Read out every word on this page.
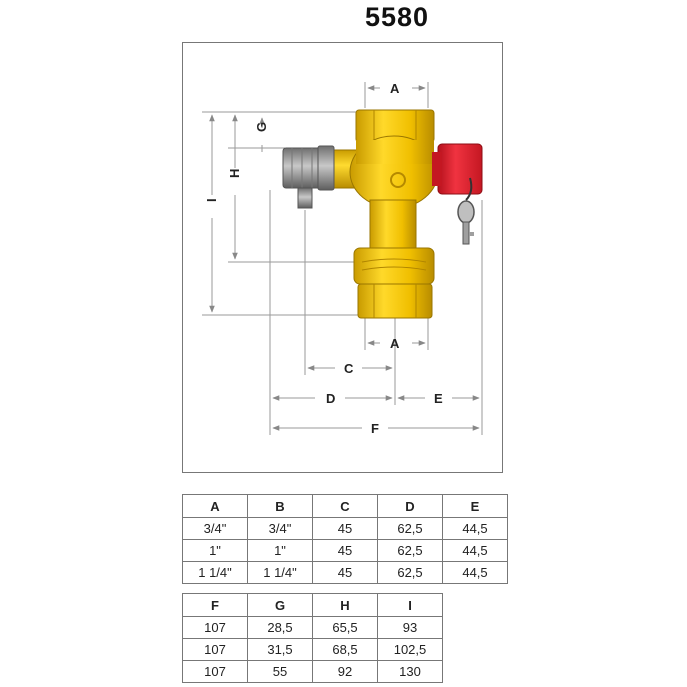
5580
A
A
C
D	E
F
G
H
I
A	B	C	D	E
3/4"	3/4"	45	62,5	44,5
1"	1"	45	62,5	44,5
1 1/4"	1 1/4"	45	62,5	44,5
F	G	H	I
107	28,5	65,5	93
107	31,5	68,5	102,5
107	55	92	130
